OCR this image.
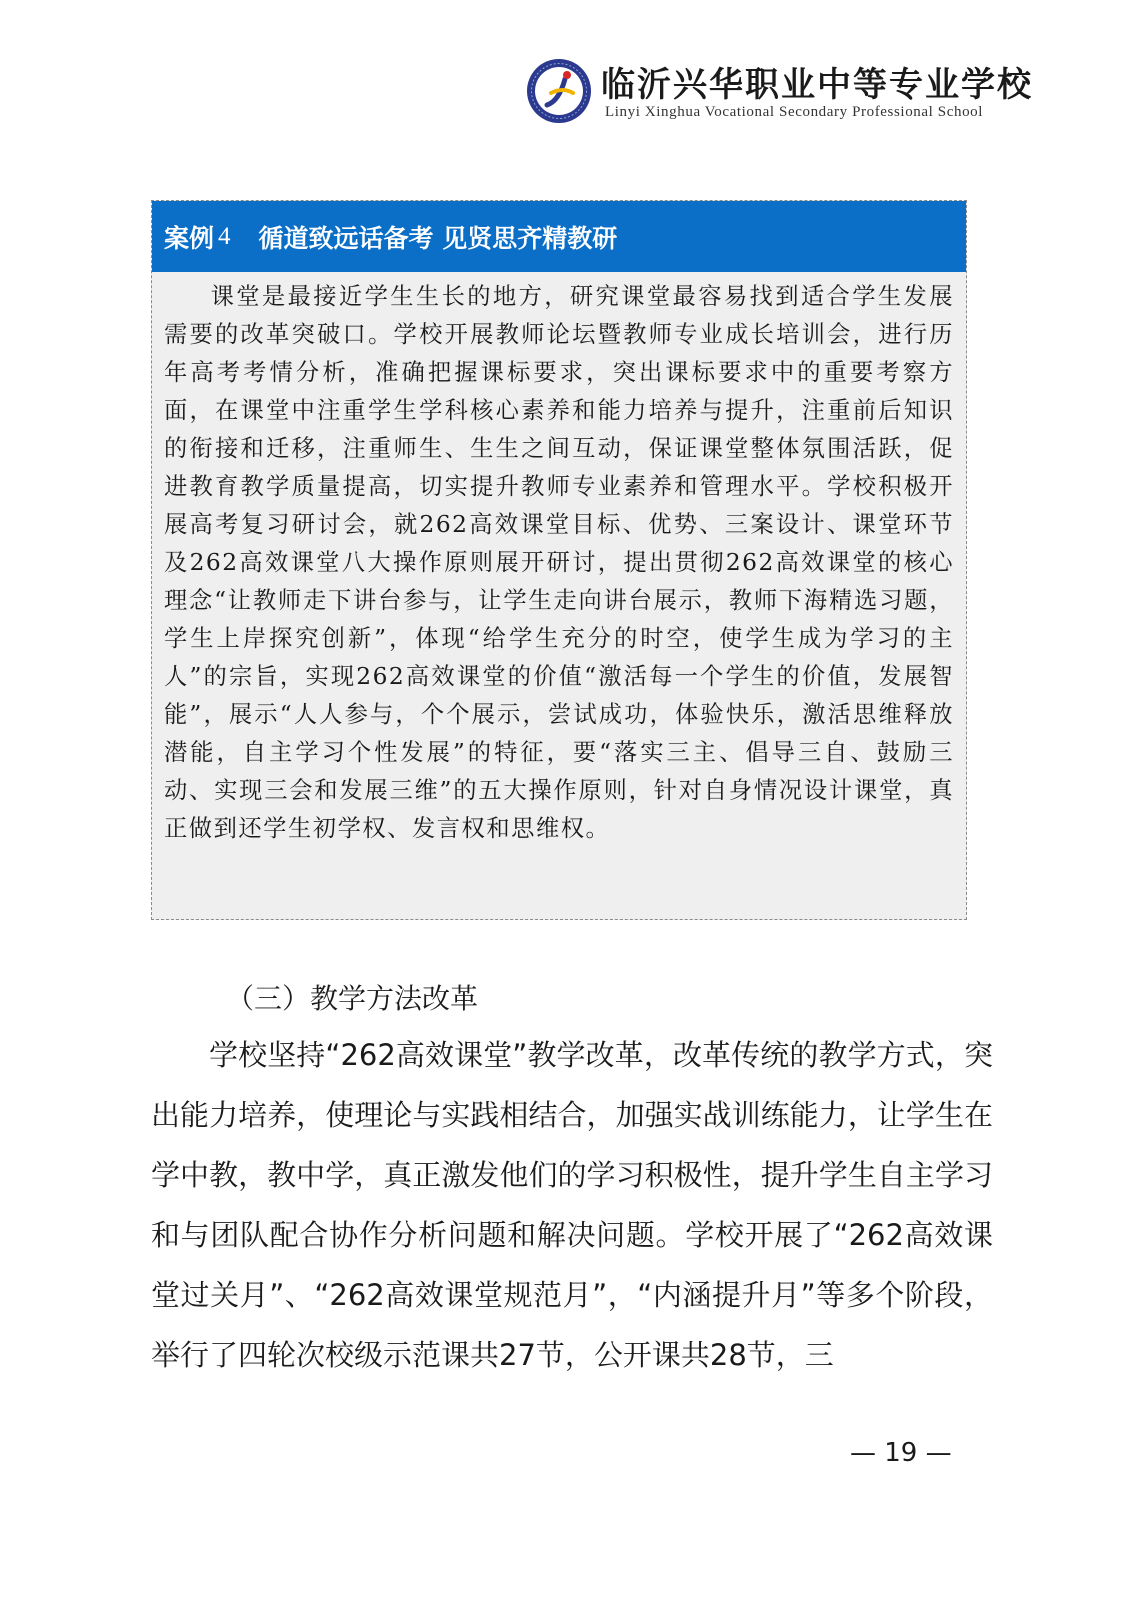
临沂兴华职业中等专业学校
Linyi Xinghua Vocational Secondary Professional School
案例 4 循道致远话备考 见贤思齐精教研

课堂是最接近学生生长的地方，研究课堂最容易找到适合学生发展需要的改革突破口。学校开展教师论坛暨教师专业成长培训会，进行历年高考考情分析，准确把握课标要求，突出课标要求中的重要考察方面，在课堂中注重学生学科核心素养和能力培养与提升，注重前后知识的衔接和迁移，注重师生、生生之间互动，保证课堂整体氛围活跃，促进教育教学质量提高，切实提升教师专业素养和管理水平。学校积极开展高考复习研讨会，就262高效课堂目标、优势、三案设计、课堂环节及262高效课堂八大操作原则展开研讨，提出贯彻262高效课堂的核心理念“让教师走下讲台参与，让学生走向讲台展示，教师下海精选习题，学生上岸探究创新”，体现“给学生充分的时空，使学生成为学习的主人”的宗旨，实现262高效课堂的价值“激活每一个学生的价值，发展智能”，展示“人人参与，个个展示，尝试成功，体验快乐，激活思维释放潜能，自主学习个性发展”的特征，要“落实三主、倡导三自、鼓励三动、实现三会和发展三维”的五大操作原则，针对自身情况设计课堂，真正做到还学生初学权、发言权和思维权。

（三）教学方法改革

学校坚持“262高效课堂”教学改革，改革传统的教学方式，突出能力培养，使理论与实践相结合，加强实战训练能力，让学生在学中教，教中学，真正激发他们的学习积极性，提升学生自主学习和与团队配合协作分析问题和解决问题。学校开展了“262高效课堂过关月”、“262高效课堂规范月”，“内涵提升月”等多个阶段，举行了四轮次校级示范课共27节，公开课共28节，三

— 19 —
